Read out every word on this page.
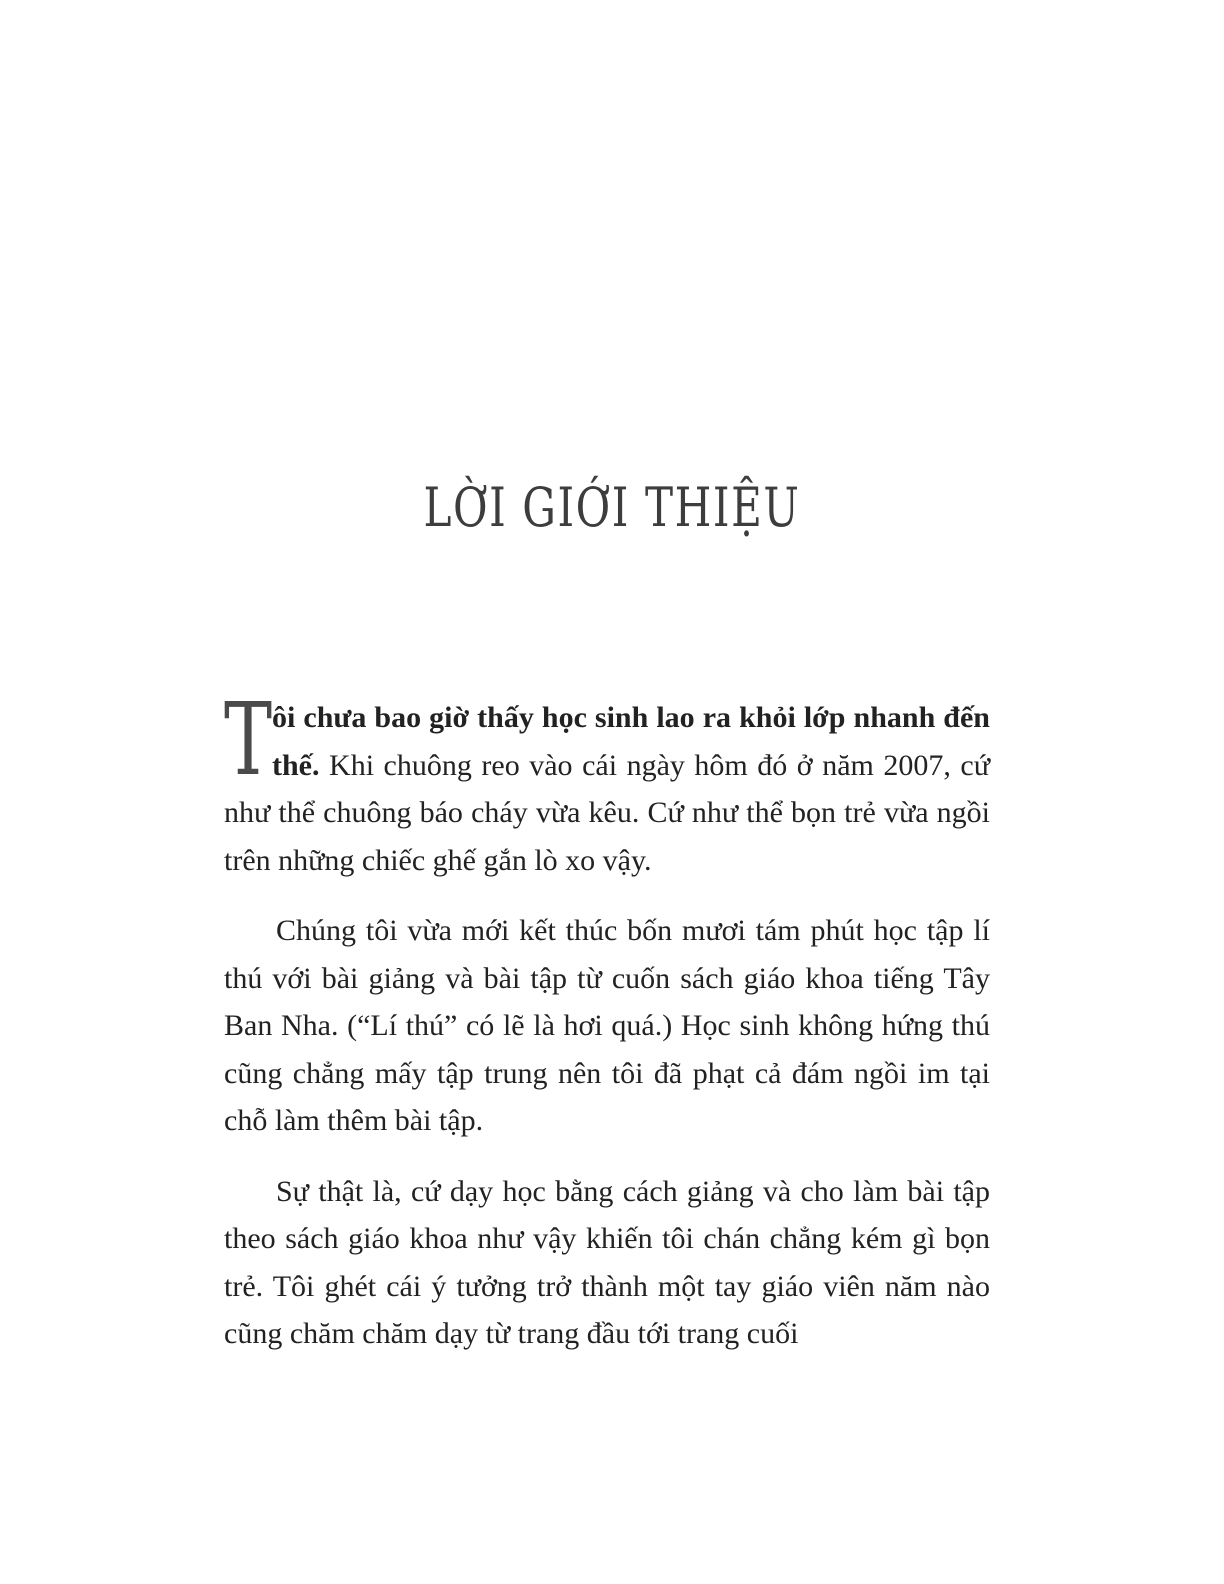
LỜI GIỚI THIỆU

Tôi chưa bao giờ thấy học sinh lao ra khỏi lớp nhanh đến thế. Khi chuông reo vào cái ngày hôm đó ở năm 2007, cứ như thể chuông báo cháy vừa kêu. Cứ như thể bọn trẻ vừa ngồi trên những chiếc ghế gắn lò xo vậy.

Chúng tôi vừa mới kết thúc bốn mươi tám phút học tập lí thú với bài giảng và bài tập từ cuốn sách giáo khoa tiếng Tây Ban Nha. (“Lí thú” có lẽ là hơi quá.) Học sinh không hứng thú cũng chẳng mấy tập trung nên tôi đã phạt cả đám ngồi im tại chỗ làm thêm bài tập.

Sự thật là, cứ dạy học bằng cách giảng và cho làm bài tập theo sách giáo khoa như vậy khiến tôi chán chẳng kém gì bọn trẻ. Tôi ghét cái ý tưởng trở thành một tay giáo viên năm nào cũng chăm chăm dạy từ trang đầu tới trang cuối
